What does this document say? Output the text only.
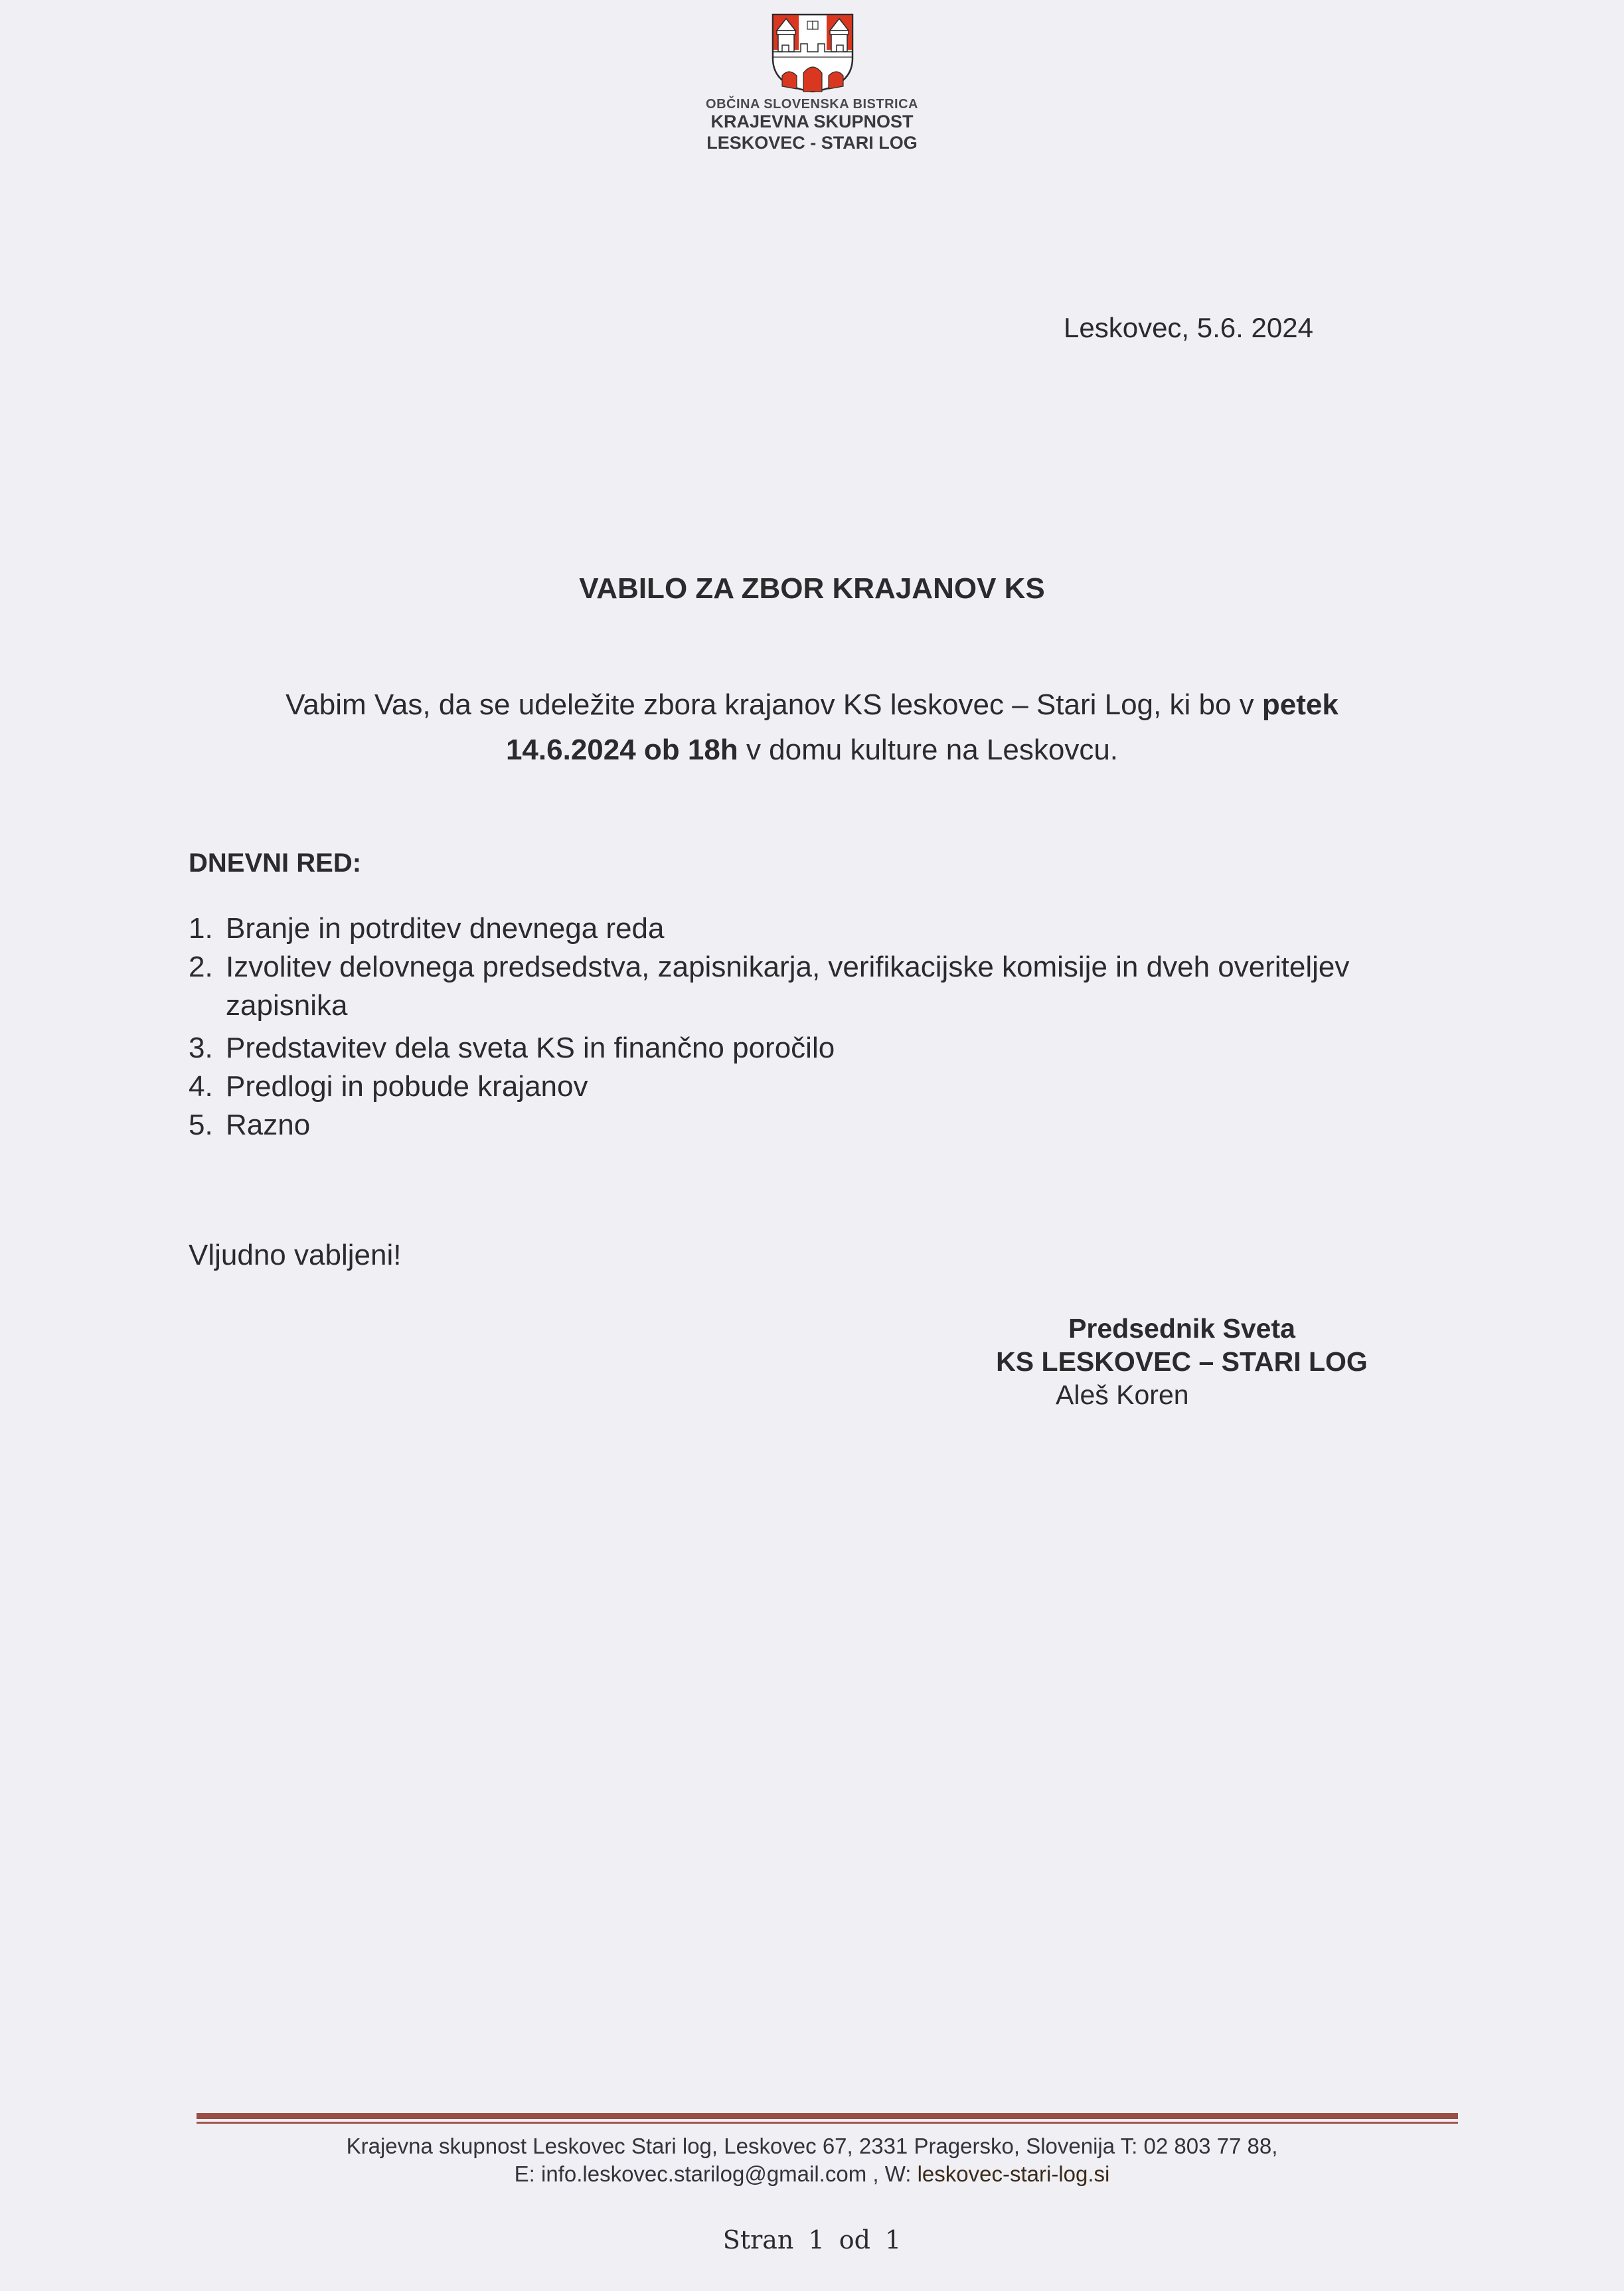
OBČINA SLOVENSKA BISTRICA
KRAJEVNA SKUPNOST
LESKOVEC - STARI LOG
Leskovec, 5.6. 2024
VABILO ZA ZBOR KRAJANOV KS
Vabim Vas, da se udeležite zbora krajanov KS leskovec – Stari Log, ki bo v petek
14.6.2024 ob 18h v domu kulture na Leskovcu.
DNEVNI RED:
1. Branje in potrditev dnevnega reda
2. Izvolitev delovnega predsedstva, zapisnikarja, verifikacijske komisije in dveh overiteljev zapisnika
3. Predstavitev dela sveta KS in finančno poročilo
4. Predlogi in pobude krajanov
5. Razno
Vljudno vabljeni!
Predsednik Sveta
KS LESKOVEC – STARI LOG
Aleš Koren
Krajevna skupnost Leskovec Stari log, Leskovec 67, 2331 Pragersko, Slovenija T: 02 803 77 88,
E: info.leskovec.starilog@gmail.com , W: leskovec-stari-log.si
Stran 1 od 1
